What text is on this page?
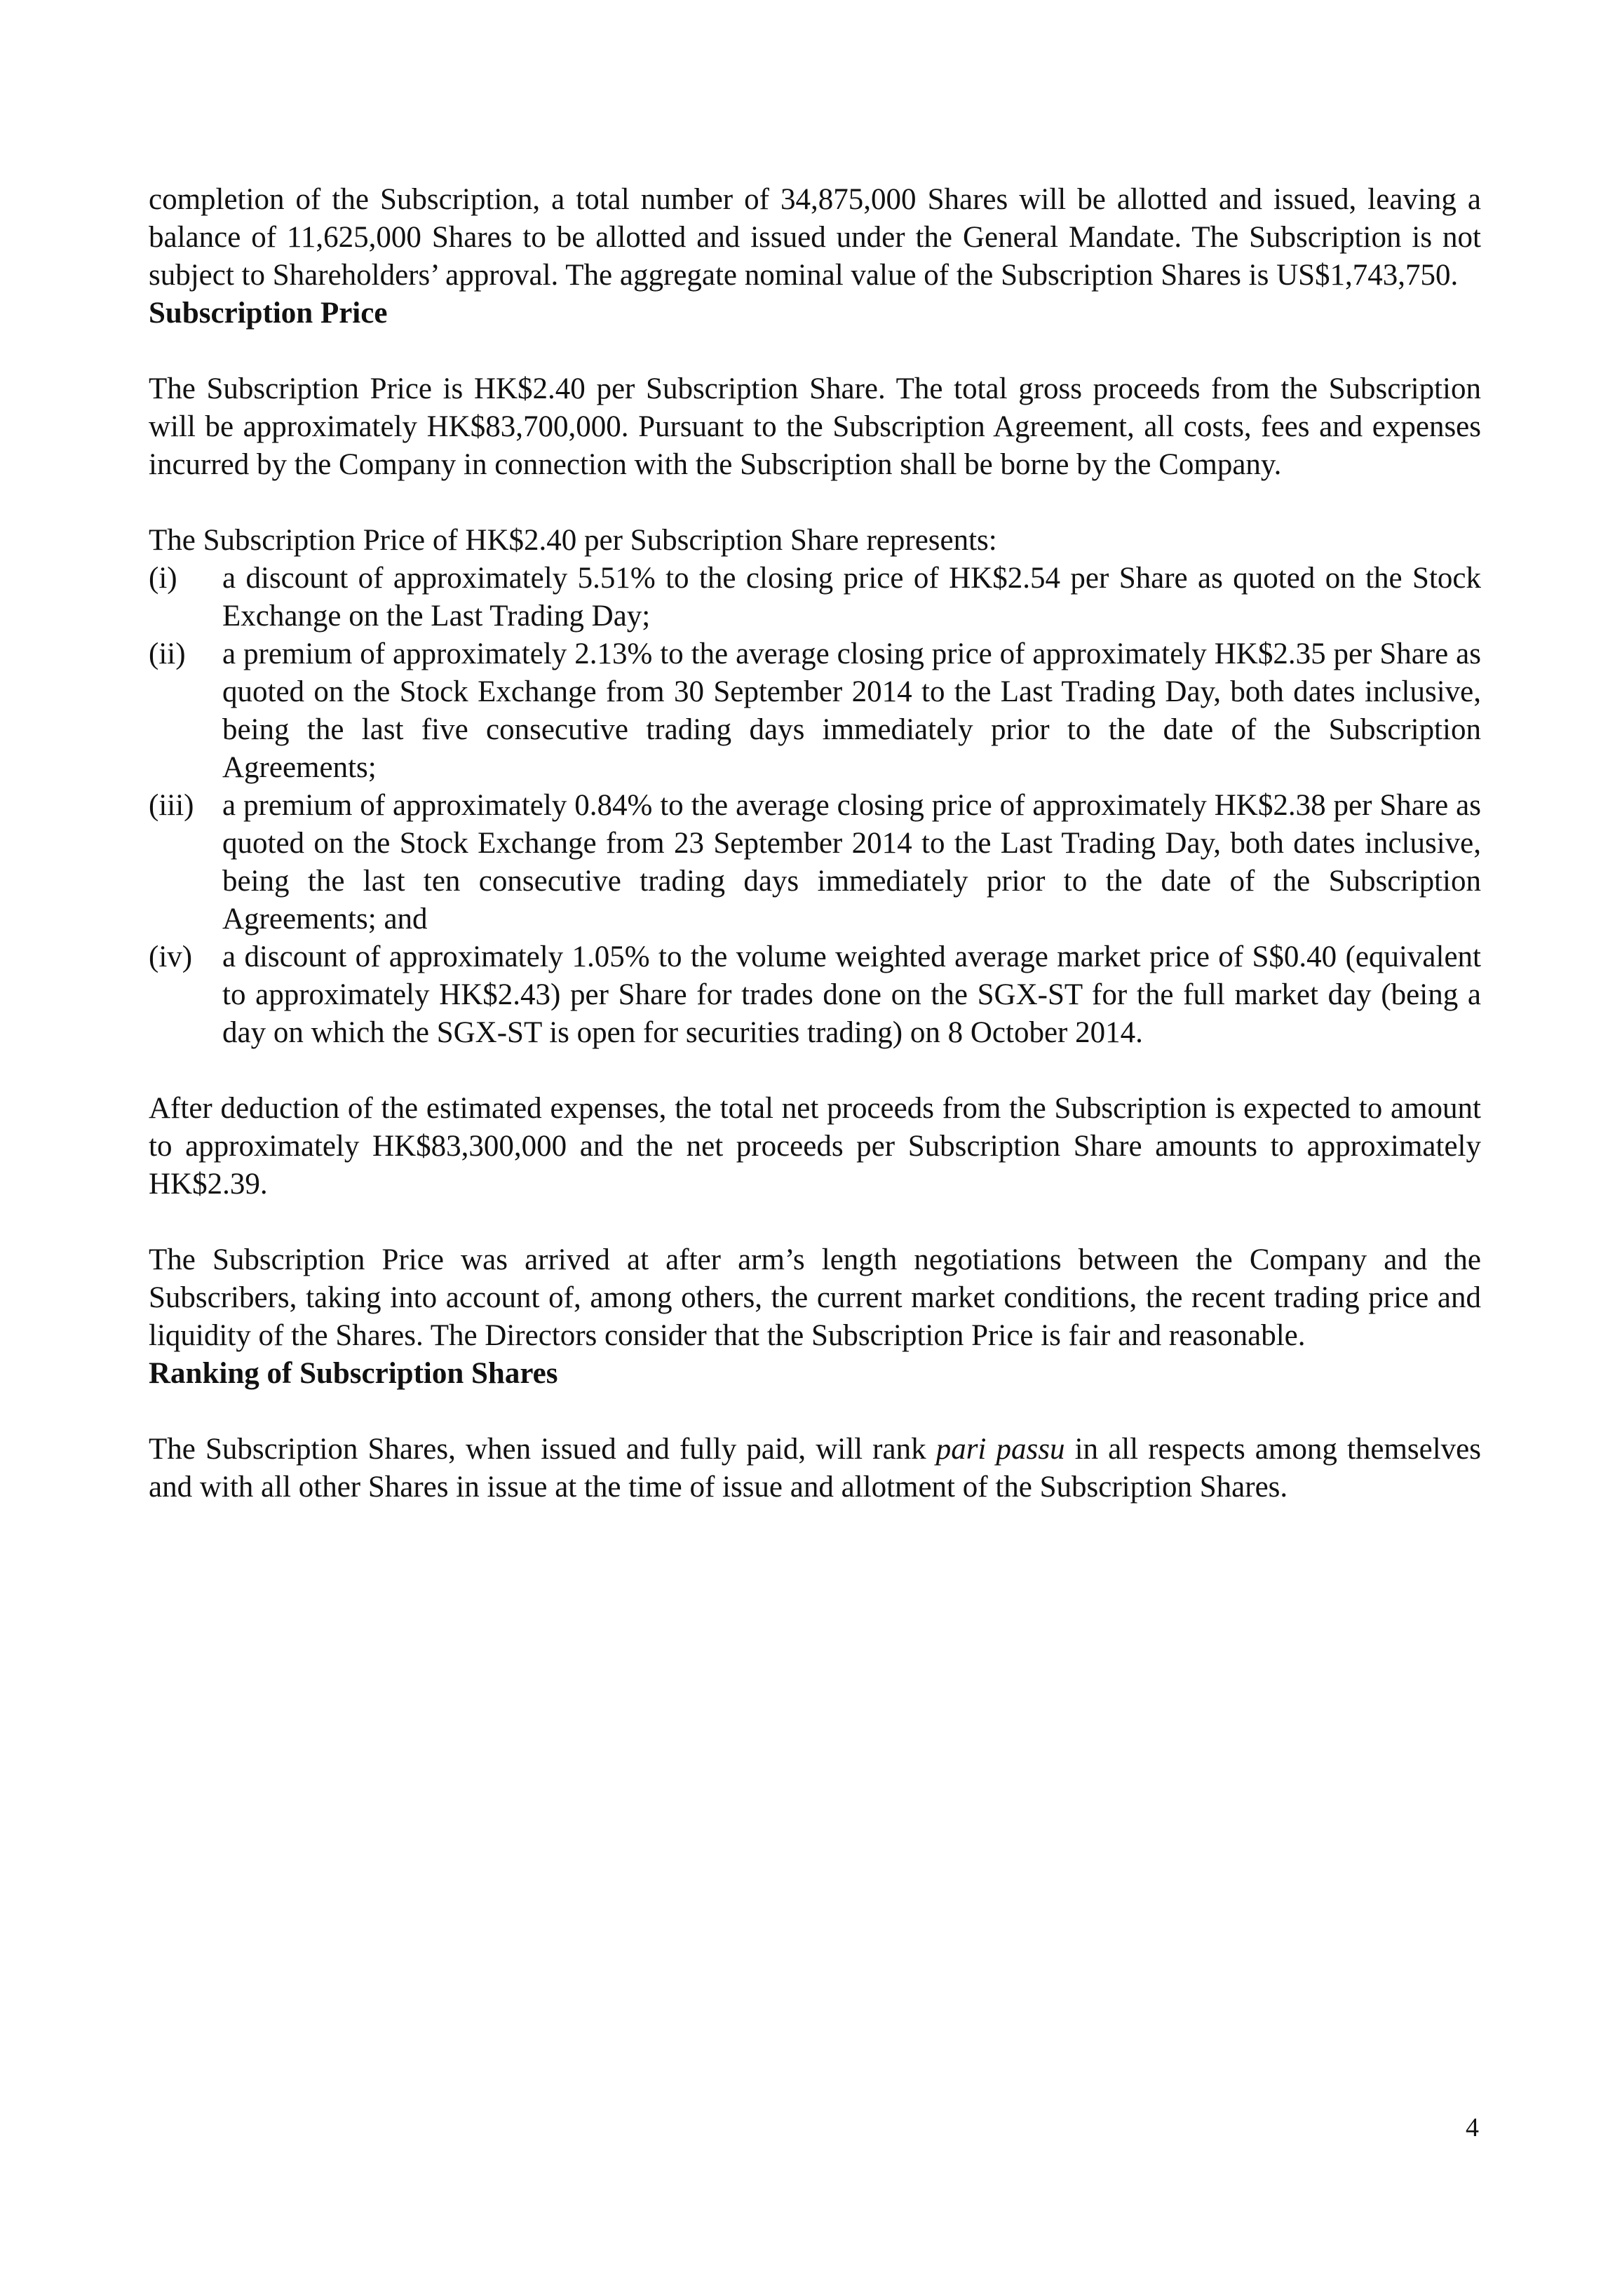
completion of the Subscription, a total number of 34,875,000 Shares will be allotted and issued, leaving a balance of 11,625,000 Shares to be allotted and issued under the General Mandate. The Subscription is not subject to Shareholders’ approval. The aggregate nominal value of the Subscription Shares is US$1,743,750.

Subscription Price

The Subscription Price is HK$2.40 per Subscription Share. The total gross proceeds from the Subscription will be approximately HK$83,700,000. Pursuant to the Subscription Agreement, all costs, fees and expenses incurred by the Company in connection with the Subscription shall be borne by the Company.

The Subscription Price of HK$2.40 per Subscription Share represents:

(i)	a discount of approximately 5.51% to the closing price of HK$2.54 per Share as quoted on the Stock Exchange on the Last Trading Day;
(ii)	a premium of approximately 2.13% to the average closing price of approximately HK$2.35 per Share as quoted on the Stock Exchange from 30 September 2014 to the Last Trading Day, both dates inclusive, being the last five consecutive trading days immediately prior to the date of the Subscription Agreements;
(iii) a premium of approximately 0.84% to the average closing price of approximately HK$2.38 per Share as quoted on the Stock Exchange from 23 September 2014 to the Last Trading Day, both dates inclusive, being the last ten consecutive trading days immediately prior to the date of the Subscription Agreements; and
(iv) a discount of approximately 1.05% to the volume weighted average market price of S$0.40 (equivalent to approximately HK$2.43) per Share for trades done on the SGX-ST for the full market day (being a day on which the SGX-ST is open for securities trading) on 8 October 2014.

After deduction of the estimated expenses, the total net proceeds from the Subscription is expected to amount to approximately HK$83,300,000 and the net proceeds per Subscription Share amounts to approximately HK$2.39.

The Subscription Price was arrived at after arm’s length negotiations between the Company and the Subscribers, taking into account of, among others, the current market conditions, the recent trading price and liquidity of the Shares. The Directors consider that the Subscription Price is fair and reasonable.

Ranking of Subscription Shares

The Subscription Shares, when issued and fully paid, will rank pari passu in all respects among themselves and with all other Shares in issue at the time of issue and allotment of the Subscription Shares.

4
